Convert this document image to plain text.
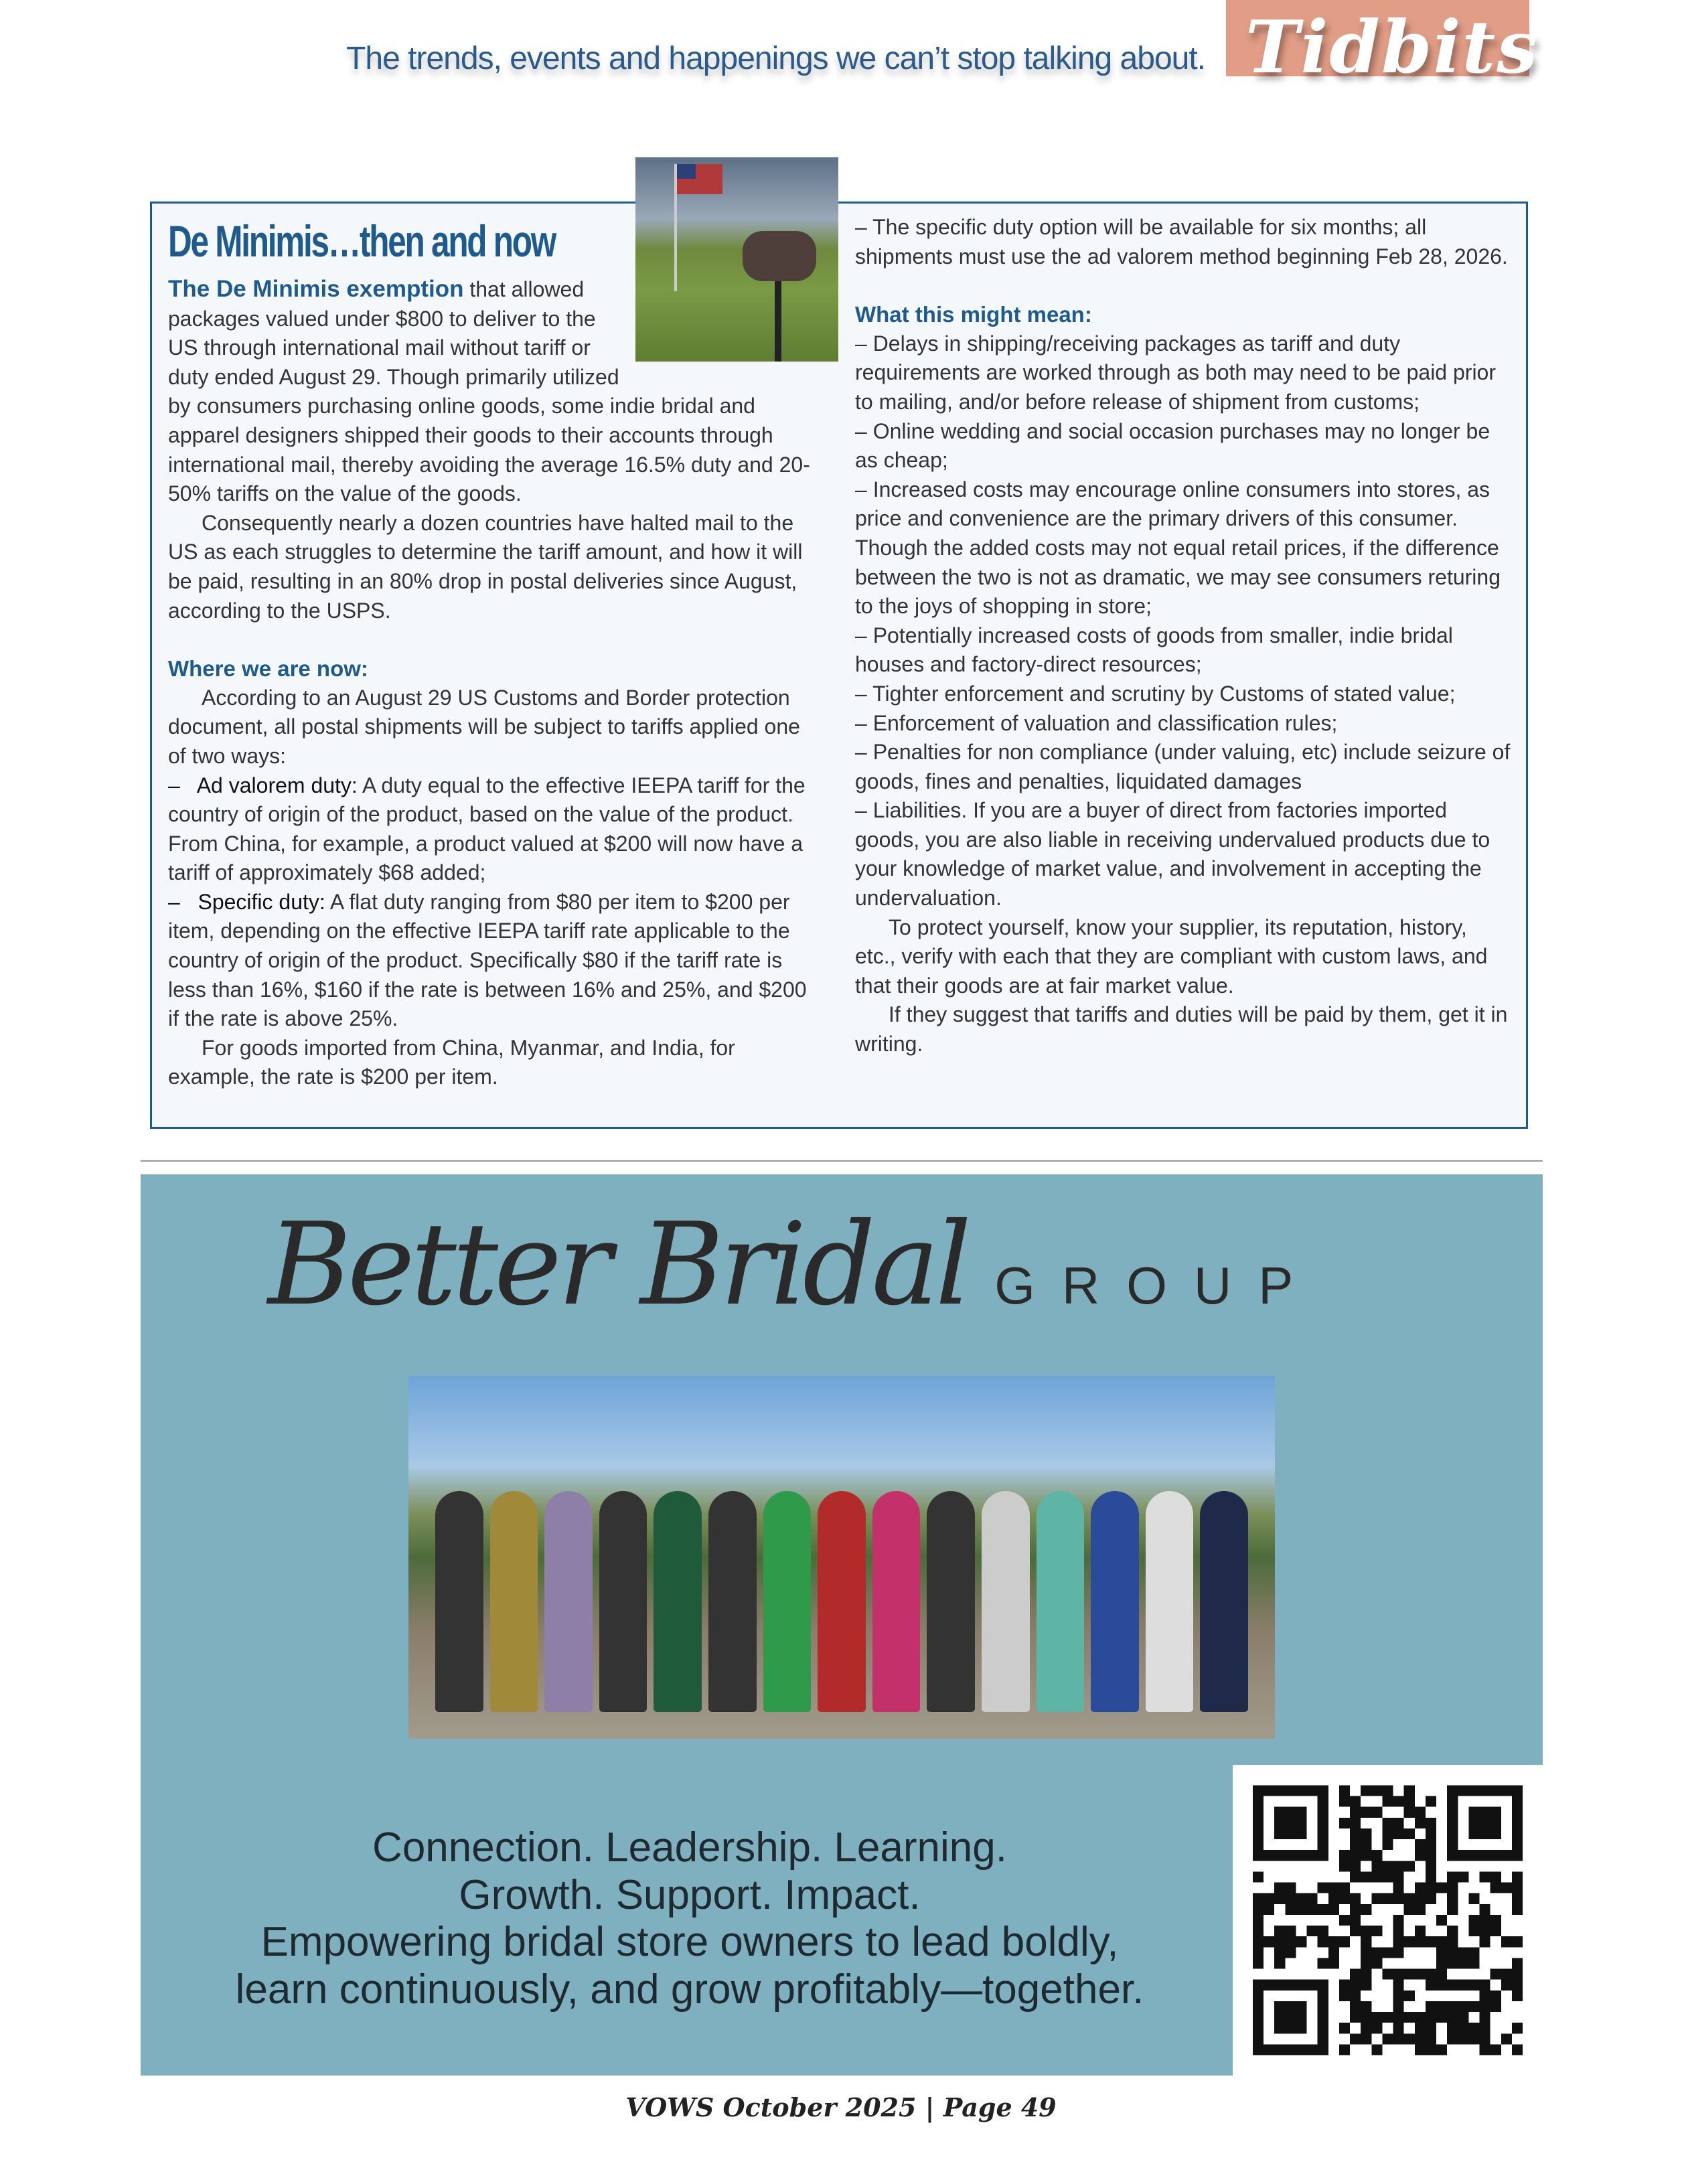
The trends, events and happenings we can’t stop talking about. Tidbits
De Minimis…then and now

The De Minimis exemption that allowed packages valued under $800 to deliver to the US through international mail without tariff or duty ended August 29. Though primarily utilized by consumers purchasing online goods, some indie bridal and apparel designers shipped their goods to their accounts through international mail, thereby avoiding the average 16.5% duty and 20-50% tariffs on the value of the goods.

Consequently nearly a dozen countries have halted mail to the US as each struggles to determine the tariff amount, and how it will be paid, resulting in an 80% drop in postal deliveries since August, according to the USPS.

Where we are now:

According to an August 29 US Customs and Border protection document, all postal shipments will be subject to tariffs applied one of two ways:

–   Ad valorem duty: A duty equal to the effective IEEPA tariff for the country of origin of the product, based on the value of the product. From China, for example, a product valued at $200 will now have a tariff of approximately $68 added;

–   Specific duty: A flat duty ranging from $80 per item to $200 per item, depending on the effective IEEPA tariff rate applicable to the country of origin of the product. Specifically $80 if the tariff rate is less than 16%, $160 if the rate is between 16% and 25%, and $200 if the rate is above 25%.

For goods imported from China, Myanmar, and India, for example, the rate is $200 per item.

– The specific duty option will be available for six months; all shipments must use the ad valorem method beginning Feb 28, 2026.

What this might mean:

– Delays in shipping/receiving packages as tariff and duty requirements are worked through as both may need to be paid prior to mailing, and/or before release of shipment from customs;

– Online wedding and social occasion purchases may no longer be as cheap;

– Increased costs may encourage online consumers into stores, as price and convenience are the primary drivers of this consumer. Though the added costs may not equal retail prices, if the difference between the two is not as dramatic, we may see consumers returing to the joys of shopping in store;

– Potentially increased costs of goods from smaller, indie bridal houses and factory-direct resources;

– Tighter enforcement and scrutiny by Customs of stated value;

– Enforcement of valuation and classification rules;

– Penalties for non compliance (under valuing, etc) include seizure of goods, fines and penalties, liquidated damages

– Liabilities. If you are a buyer of direct from factories imported goods, you are also liable in receiving undervalued products due to your knowledge of market value, and involvement in accepting the undervaluation.

To protect yourself, know your supplier, its reputation, history, etc., verify with each that they are compliant with custom laws, and that their goods are at fair market value.

If they suggest that tariffs and duties will be paid by them, get it in writing.

Better Bridal GROUP
Connection. Leadership. Learning.
Growth. Support. Impact.
Empowering bridal store owners to lead boldly,
learn continuously, and grow profitably—together.
VOWS October 2025 | Page 49
